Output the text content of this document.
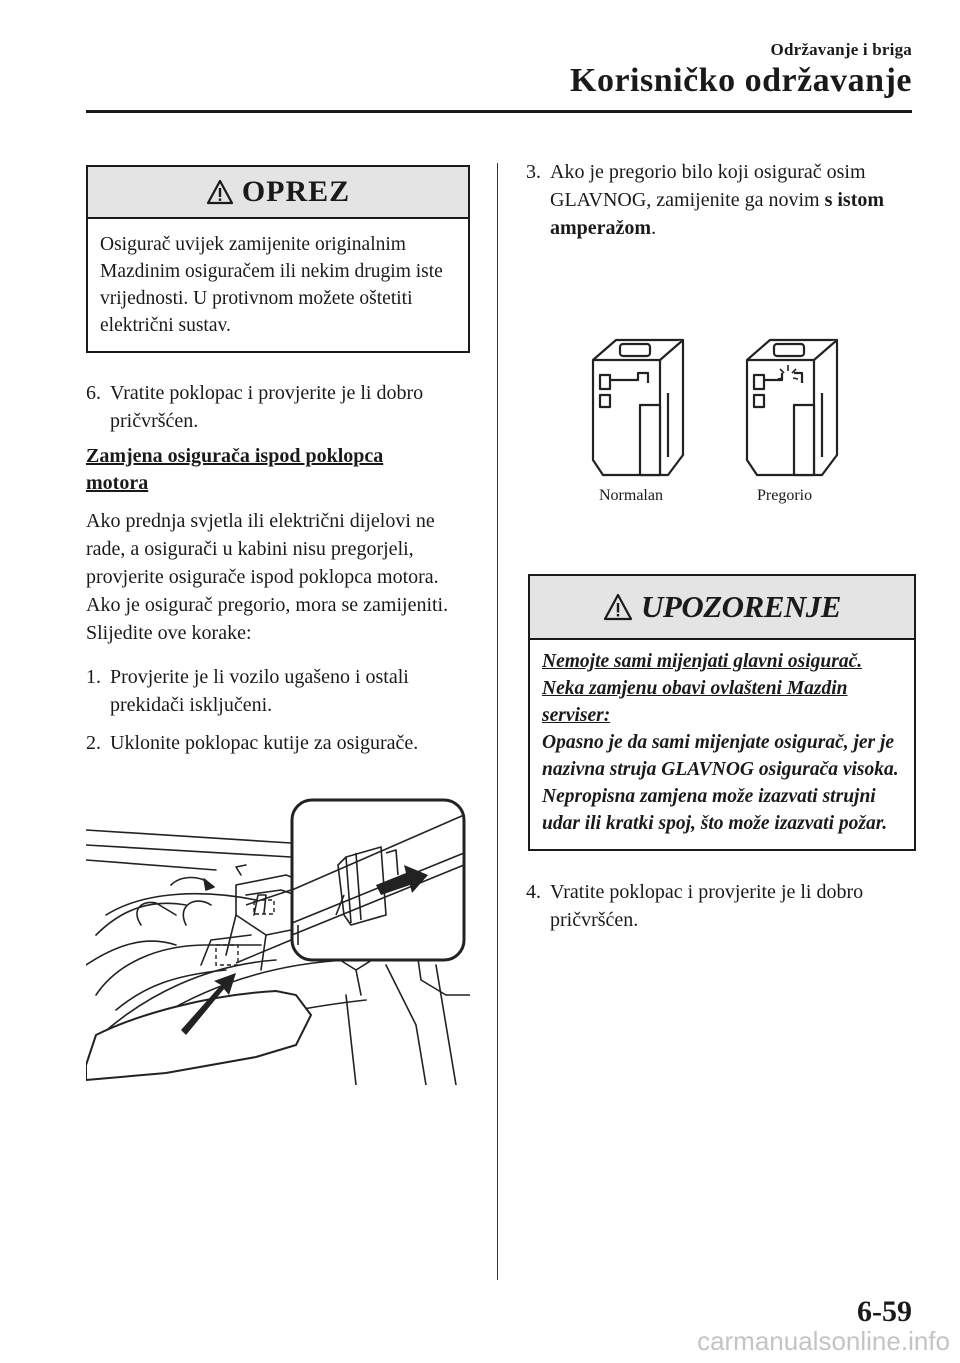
Održavanje i briga
Korisničko održavanje
OPREZ
Osigurač uvijek zamijenite originalnim Mazdinim osiguračem ili nekim drugim iste vrijednosti. U protivnom možete oštetiti električni sustav.
6. Vratite poklopac i provjerite je li dobro pričvršćen.
Zamjena osigurača ispod poklopca motora
Ako prednja svjetla ili električni dijelovi ne rade, a osigurači u kabini nisu pregorjeli, provjerite osigurače ispod poklopca motora. Ako je osigurač pregorio, mora se zamijeniti. Slijedite ove korake:
1. Provjerite je li vozilo ugašeno i ostali prekidači isključeni.
2. Uklonite poklopac kutije za osigurače.
3. Ako je pregorio bilo koji osigurač osim GLAVNOG, zamijenite ga novim s istom amperažom.
Normalan	Pregorio
UPOZORENJE
Nemojte sami mijenjati glavni osigurač. Neka zamjenu obavi ovlašteni Mazdin serviser:
Opasno je da sami mijenjate osigurač, jer je nazivna struja GLAVNOG osigurača visoka. Nepropisna zamjena može izazvati strujni udar ili kratki spoj, što može izazvati požar.
4. Vratite poklopac i provjerite je li dobro pričvršćen.
6-59
carmanualsonline.info
